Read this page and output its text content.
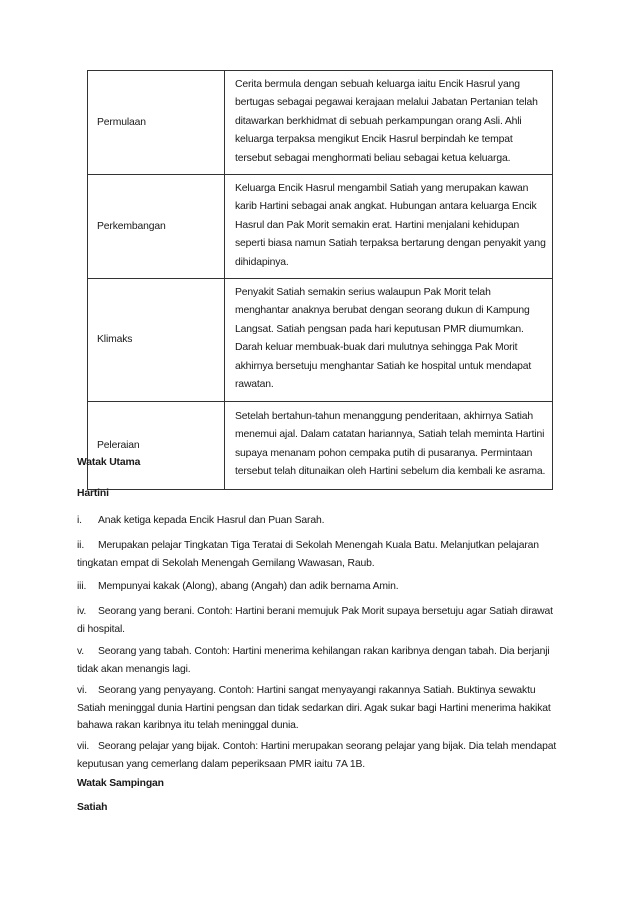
Permulaan	Cerita bermula dengan sebuah keluarga iaitu Encik Hasrul yang bertugas sebagai pegawai kerajaan melalui Jabatan Pertanian telah ditawarkan berkhidmat di sebuah perkampungan orang Asli. Ahli keluarga terpaksa mengikut Encik Hasrul berpindah ke tempat tersebut sebagai menghormati beliau sebagai ketua keluarga.
Perkembangan	Keluarga Encik Hasrul mengambil Satiah yang merupakan kawan karib Hartini sebagai anak angkat. Hubungan antara keluarga Encik Hasrul dan Pak Morit semakin erat. Hartini menjalani kehidupan seperti biasa namun Satiah terpaksa bertarung dengan penyakit yang dihidapinya.
Klimaks	Penyakit Satiah semakin serius walaupun Pak Morit telah menghantar anaknya berubat dengan seorang dukun di Kampung Langsat. Satiah pengsan pada hari keputusan PMR diumumkan. Darah keluar membuak-buak dari mulutnya sehingga Pak Morit akhirnya bersetuju menghantar Satiah ke hospital untuk mendapat rawatan.
Peleraian	Setelah bertahun-tahun menanggung penderitaan, akhirnya Satiah menemui ajal. Dalam catatan hariannya, Satiah telah meminta Hartini supaya menanam pohon cempaka putih di pusaranya. Permintaan tersebut telah ditunaikan oleh Hartini sebelum dia kembali ke asrama.
Watak Utama
Hartini
i. Anak ketiga kepada Encik Hasrul dan Puan Sarah.
ii. Merupakan pelajar Tingkatan Tiga Teratai di Sekolah Menengah Kuala Batu. Melanjutkan pelajaran tingkatan empat di Sekolah Menengah Gemilang Wawasan, Raub.
iii. Mempunyai kakak (Along), abang (Angah) dan adik bernama Amin.
iv. Seorang yang berani. Contoh: Hartini berani memujuk Pak Morit supaya bersetuju agar Satiah dirawat di hospital.
v. Seorang yang tabah. Contoh: Hartini menerima kehilangan rakan karibnya dengan tabah. Dia berjanji tidak akan menangis lagi.
vi. Seorang yang penyayang. Contoh: Hartini sangat menyayangi rakannya Satiah. Buktinya sewaktu Satiah meninggal dunia Hartini pengsan dan tidak sedarkan diri. Agak sukar bagi Hartini menerima hakikat bahawa rakan karibnya itu telah meninggal dunia.
vii. Seorang pelajar yang bijak. Contoh: Hartini merupakan seorang pelajar yang bijak. Dia telah mendapat keputusan yang cemerlang dalam peperiksaan PMR iaitu 7A 1B.
Watak Sampingan
Satiah
